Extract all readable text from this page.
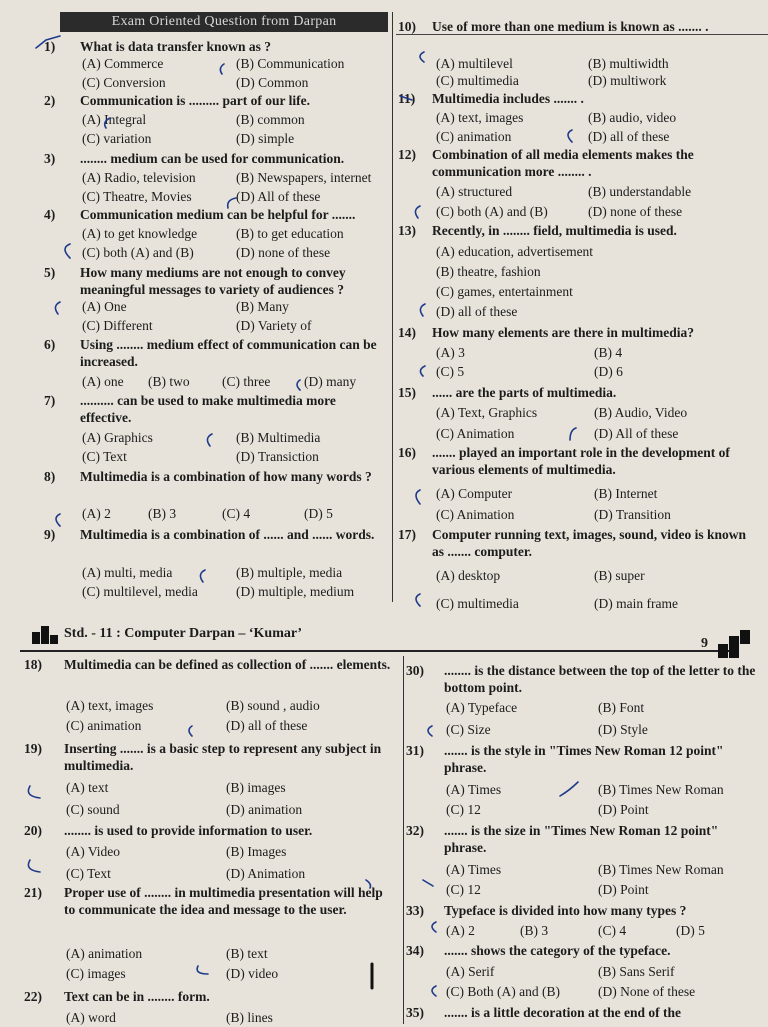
Exam Oriented Question from Darpan
Std. - 11 : Computer Darpan – ‘Kumar’
9
1) What is data transfer known as ?
(A) Commerce	(B) Communication
(C) Conversion	(D) Common
2) Communication is ......... part of our life.
(A) Integral	(B) common
(C) variation	(D) simple
3) ........ medium can be used for communication.
(A) Radio, television	(B) Newspapers, internet
(C) Theatre, Movies	(D) All of these
4) Communication medium can be helpful for .......
(A) to get knowledge	(B) to get education
(C) both (A) and (B)	(D) none of these
5) How many mediums are not enough to convey meaningful messages to variety of audiences ?
(A) One	(B) Many
(C) Different	(D) Variety of
6) Using ........ medium effect of communication can be increased.
(A) one (B) two (C) three (D) many
7) .......... can be used to make multimedia more effective.
(A) Graphics	(B) Multimedia
(C) Text	(D) Transiction
8) Multimedia is a combination of how many words ?
(A) 2	(B) 3	(C) 4	(D) 5
9) Multimedia is a combination of ...... and ...... words.
(A) multi, media	(B) multiple, media
(C) multilevel, media	(D) multiple, medium
10) Use of more than one medium is known as ....... .
(A) multilevel	(B) multiwidth
(C) multimedia	(D) multiwork
11) Multimedia includes ....... .
(A) text, images	(B) audio, video
(C) animation	(D) all of these
12) Combination of all media elements makes the communication more ........ .
(A) structured	(B) understandable
(C) both (A) and (B)	(D) none of these
13) Recently, in ........ field, multimedia is used.
(A) education, advertisement
(B) theatre, fashion
(C) games, entertainment
(D) all of these
14) How many elements are there in multimedia?
(A) 3	(B) 4
(C) 5	(D) 6
15) ...... are the parts of multimedia.
(A) Text, Graphics	(B) Audio, Video
(C) Animation	(D) All of these
16) ....... played an important role in the development of various elements of multimedia.
(A) Computer	(B) Internet
(C) Animation	(D) Transition
17) Computer running text, images, sound, video is known as ....... computer.
(A) desktop	(B) super
(C) multimedia	(D) main frame
18) Multimedia can be defined as collection of ....... elements.
(A) text, images	(B) sound , audio
(C) animation	(D) all of these
19) Inserting ....... is a basic step to represent any subject in multimedia.
(A) text	(B) images
(C) sound	(D) animation
20) ........ is used to provide information to user.
(A) Video	(B) Images
(C) Text	(D) Animation
21) Proper use of ........ in multimedia presentation will help to communicate the idea and message to the user.
(A) animation	(B) text
(C) images	(D) video
22) Text can be in ........ form.
(A) word	(B) lines
30) ........ is the distance between the top of the letter to the bottom point.
(A) Typeface	(B) Font
(C) Size	(D) Style
31) ....... is the style in "Times New Roman 12 point" phrase.
(A) Times	(B) Times New Roman
(C) 12	(D) Point
32) ....... is the size in "Times New Roman 12 point" phrase.
(A) Times	(B) Times New Roman
(C) 12	(D) Point
33) Typeface is divided into how many types ?
(A) 2	(B) 3	(C) 4	(D) 5
34) ....... shows the category of the typeface.
(A) Serif	(B) Sans Serif
(C) Both (A) and (B)	(D) None of these
35) ....... is a little decoration at the end of the
